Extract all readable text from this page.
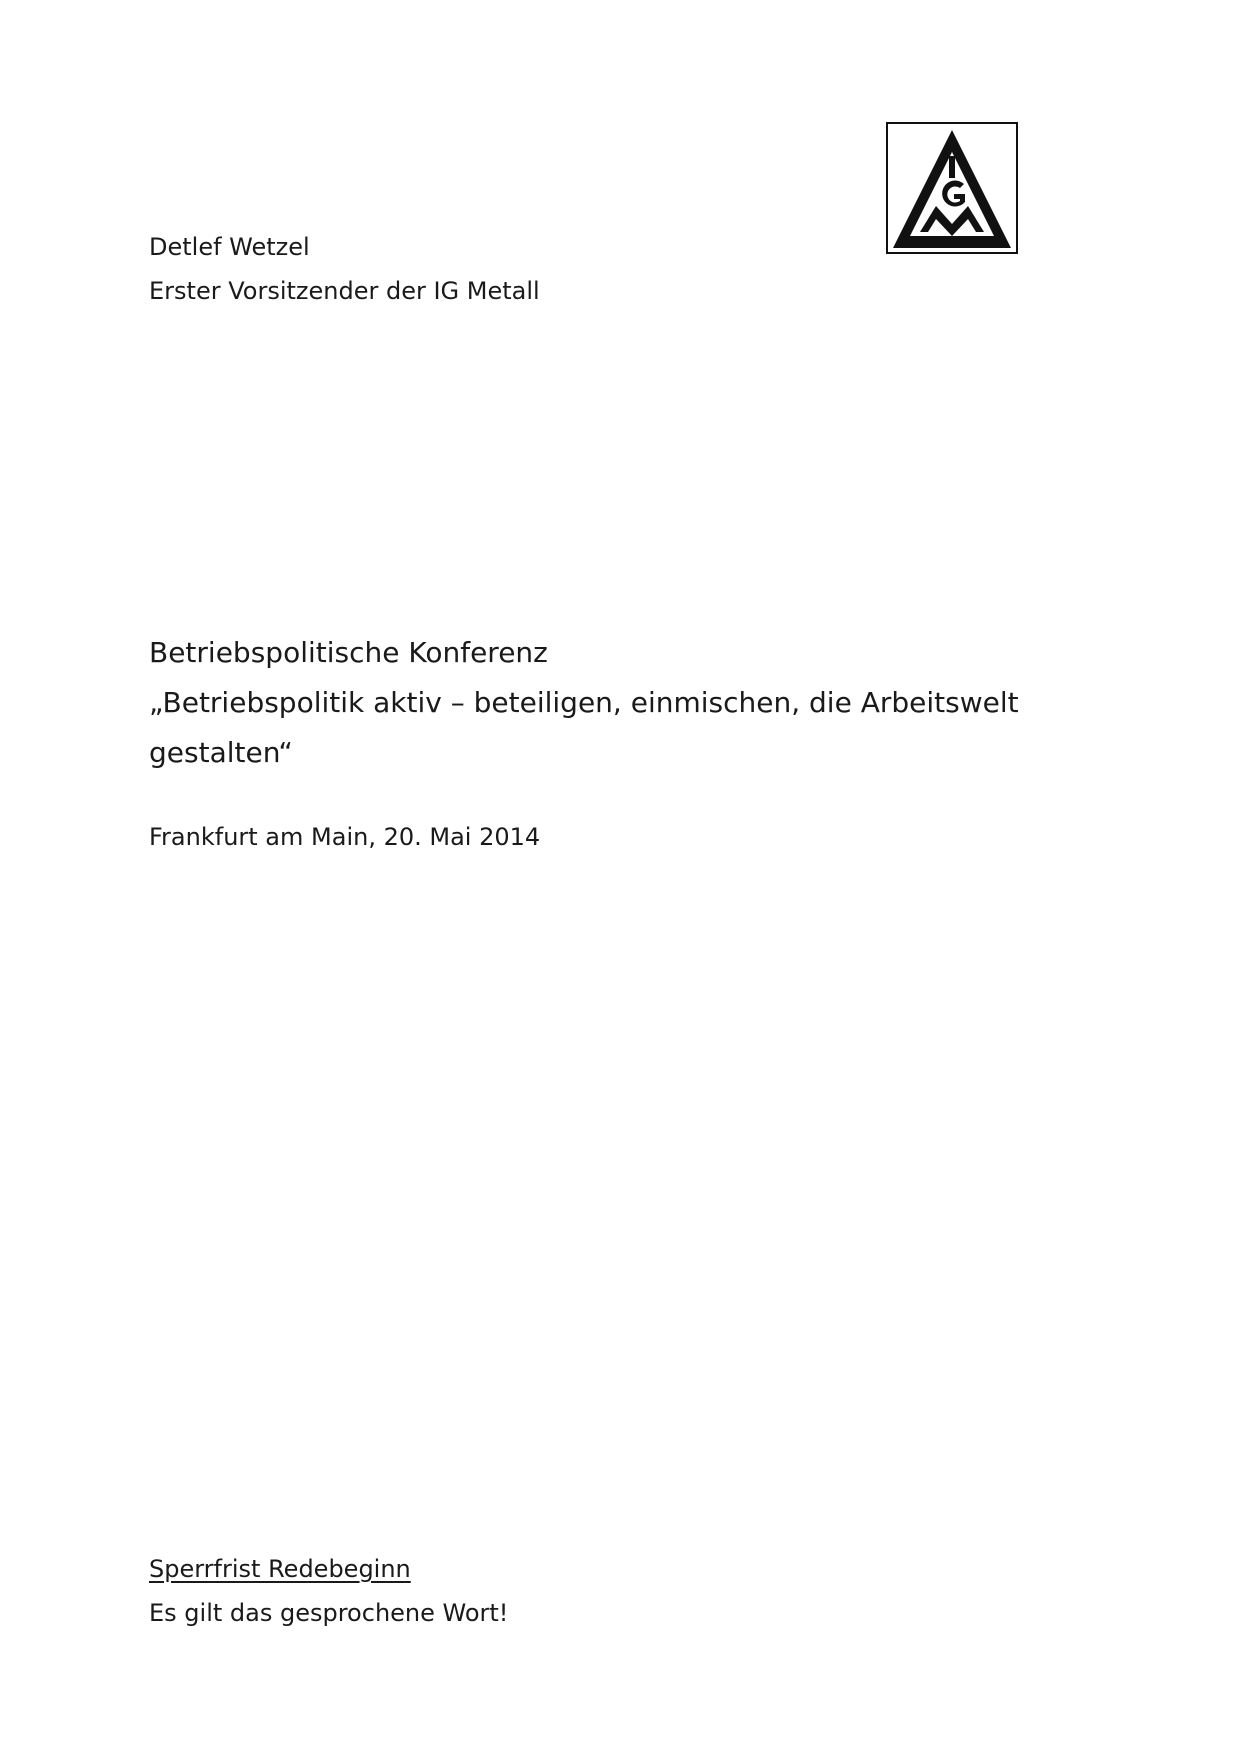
Detlef Wetzel

Erster Vorsitzender der IG Metall

Betriebspolitische Konferenz
„Betriebspolitik aktiv – beteiligen, einmischen, die Arbeitswelt
gestalten“

Frankfurt am Main, 20. Mai 2014

Sperrfrist Redebeginn

Es gilt das gesprochene Wort!
